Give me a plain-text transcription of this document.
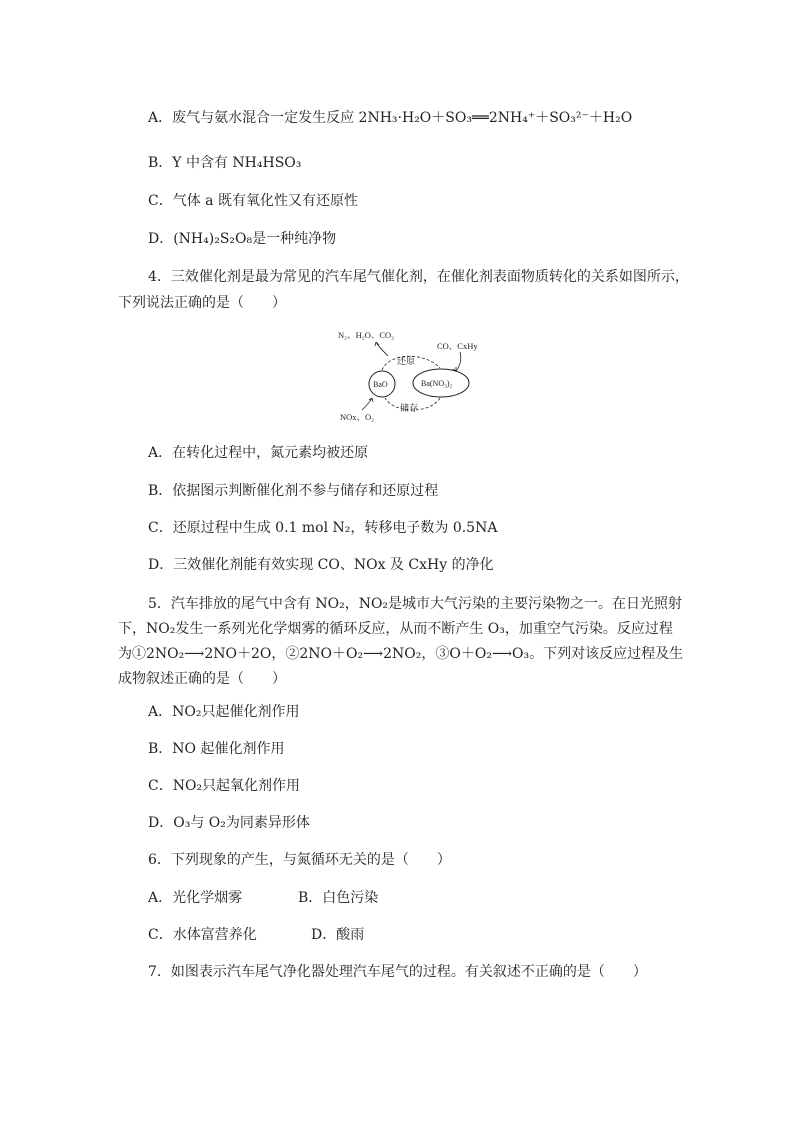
A．废气与氨水混合一定发生反应 2NH₃·H₂O＋SO₃══2NH₄⁺＋SO₃²⁻＋H₂O
B．Y 中含有 NH₄HSO₃
C．气体 a 既有氧化性又有还原性
D．(NH₄)₂S₂O₈是一种纯净物
4．三效催化剂是最为常见的汽车尾气催化剂，在催化剂表面物质转化的关系如图所示，
下列说法正确的是（　　）
N₂、H₂O、CO₂
CO、CxHy
还原
储存
NOx、O₂
BaO	Ba(NO₃)₂
A．在转化过程中，氮元素均被还原
B．依据图示判断催化剂不参与储存和还原过程
C．还原过程中生成 0.1 mol N₂，转移电子数为 0.5NA
D．三效催化剂能有效实现 CO、NOx 及 CxHy 的净化
5．汽车排放的尾气中含有 NO₂，NO₂是城市大气污染的主要污染物之一。在日光照射
下，NO₂发生一系列光化学烟雾的循环反应，从而不断产生 O₃，加重空气污染。反应过程
为①2NO₂⟶2NO＋2O，②2NO＋O₂⟶2NO₂，③O＋O₂⟶O₃。下列对该反应过程及生
成物叙述正确的是（　　）
A．NO₂只起催化剂作用
B．NO 起催化剂作用
C．NO₂只起氧化剂作用
D．O₃与 O₂为同素异形体
6．下列现象的产生，与氮循环无关的是（　　）
A．光化学烟雾	B．白色污染
C．水体富营养化	D．酸雨
7．如图表示汽车尾气净化器处理汽车尾气的过程。有关叙述不正确的是（　　）
